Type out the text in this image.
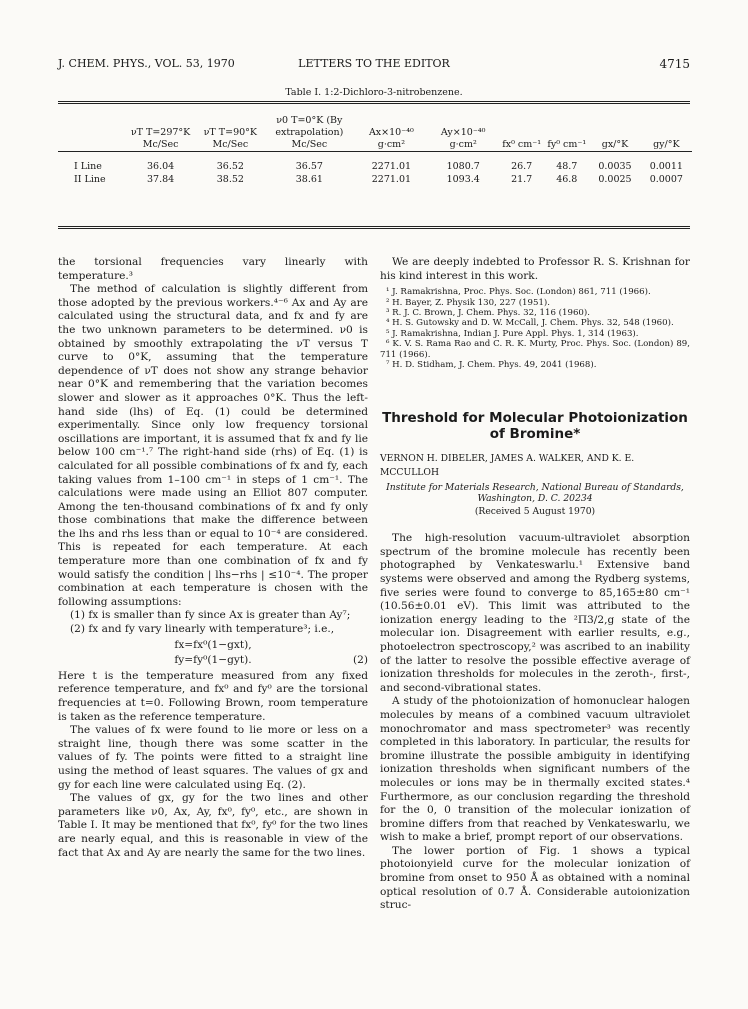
J. CHEM. PHYS., VOL. 53, 1970	LETTERS TO THE EDITOR	4715
Table I. 1:2-Dichloro-3-nitrobenzene.
	νT T=297°K Mc/Sec	νT T=90°K Mc/Sec	ν0 T=0°K (By extrapolation) Mc/Sec	Ax×10⁻⁴⁰ g·cm²	Ay×10⁻⁴⁰ g·cm²	fx⁰ cm⁻¹	fy⁰ cm⁻¹	gx/°K	gy/°K

I Line	36.04	36.52	36.57	2271.01	1080.7	26.7	48.7	0.0035	0.0011
II Line	37.84	38.52	38.61	2271.01	1093.4	21.7	46.8	0.0025	0.0007

the torsional frequencies vary linearly with temperature.³

The method of calculation is slightly different from those adopted by the previous workers.⁴⁻⁶ Ax and Ay are calculated using the structural data, and fx and fy are the two unknown parameters to be determined. ν0 is obtained by smoothly extrapolating the νT versus T curve to 0°K, assuming that the temperature dependence of νT does not show any strange behavior near 0°K and remembering that the variation becomes slower and slower as it approaches 0°K. Thus the left-hand side (lhs) of Eq. (1) could be determined experimentally. Since only low frequency torsional oscillations are important, it is assumed that fx and fy lie below 100 cm⁻¹.⁷ The right-hand side (rhs) of Eq. (1) is calculated for all possible combinations of fx and fy, each taking values from 1–100 cm⁻¹ in steps of 1 cm⁻¹. The calculations were made using an Elliot 807 computer. Among the ten-thousand combinations of fx and fy only those combinations that make the difference between the lhs and rhs less than or equal to 10⁻⁴ are considered. This is repeated for each temperature. At each temperature more than one combination of fx and fy would satisfy the condition | lhs−rhs | ≤10⁻⁴. The proper combination at each temperature is chosen with the following assumptions:

(1) fx is smaller than fy since Ax is greater than Ay⁷;

(2) fx and fy vary linearly with temperature³; i.e.,

fx=fx⁰(1−gxt),
fy=fy⁰(1−gyt).	(2)

Here t is the temperature measured from any fixed reference temperature, and fx⁰ and fy⁰ are the torsional frequencies at t=0. Following Brown, room temperature is taken as the reference temperature.

The values of fx were found to lie more or less on a straight line, though there was some scatter in the values of fy. The points were fitted to a straight line using the method of least squares. The values of gx and gy for each line were calculated using Eq. (2).

The values of gx, gy for the two lines and other parameters like ν0, Ax, Ay, fx⁰, fy⁰, etc., are shown in Table I. It may be mentioned that fx⁰, fy⁰ for the two lines are nearly equal, and this is reasonable in view of the fact that Ax and Ay are nearly the same for the two lines.

We are deeply indebted to Professor R. S. Krishnan for his kind interest in this work.

¹ J. Ramakrishna, Proc. Phys. Soc. (London) 861, 711 (1966).
² H. Bayer, Z. Physik 130, 227 (1951).
³ R. J. C. Brown, J. Chem. Phys. 32, 116 (1960).
⁴ H. S. Gutowsky and D. W. McCall, J. Chem. Phys. 32, 548 (1960).
⁵ J. Ramakrishna, Indian J. Pure Appl. Phys. 1, 314 (1963).
⁶ K. V. S. Rama Rao and C. R. K. Murty, Proc. Phys. Soc. (London) 89, 711 (1966).
⁷ H. D. Stidham, J. Chem. Phys. 49, 2041 (1968).
Threshold for Molecular Photoionization of Bromine*
VERNON H. DIBELER, JAMES A. WALKER, AND K. E. MCCULLOH
Institute for Materials Research, National Bureau of Standards, Washington, D. C. 20234
(Received 5 August 1970)

The high-resolution vacuum-ultraviolet absorption spectrum of the bromine molecule has recently been photographed by Venkateswarlu.¹ Extensive band systems were observed and among the Rydberg systems, five series were found to converge to 85,165±80 cm⁻¹ (10.56±0.01 eV). This limit was attributed to the ionization energy leading to the ²Π3/2,g state of the molecular ion. Disagreement with earlier results, e.g., photoelectron spectroscopy,² was ascribed to an inability of the latter to resolve the possible effective average of ionization thresholds for molecules in the zeroth-, first-, and second-vibrational states.

A study of the photoionization of homonuclear halogen molecules by means of a combined vacuum ultraviolet monochromator and mass spectrometer³ was recently completed in this laboratory. In particular, the results for bromine illustrate the possible ambiguity in identifying ionization thresholds when significant numbers of the molecules or ions may be in thermally excited states.⁴ Furthermore, as our conclusion regarding the threshold for the 0, 0 transition of the molecular ionization of bromine differs from that reached by Venkateswarlu, we wish to make a brief, prompt report of our observations.

The lower portion of Fig. 1 shows a typical photoionyield curve for the molecular ionization of bromine from onset to 950 Å as obtained with a nominal optical resolution of 0.7 Å. Considerable autoionization struc-
